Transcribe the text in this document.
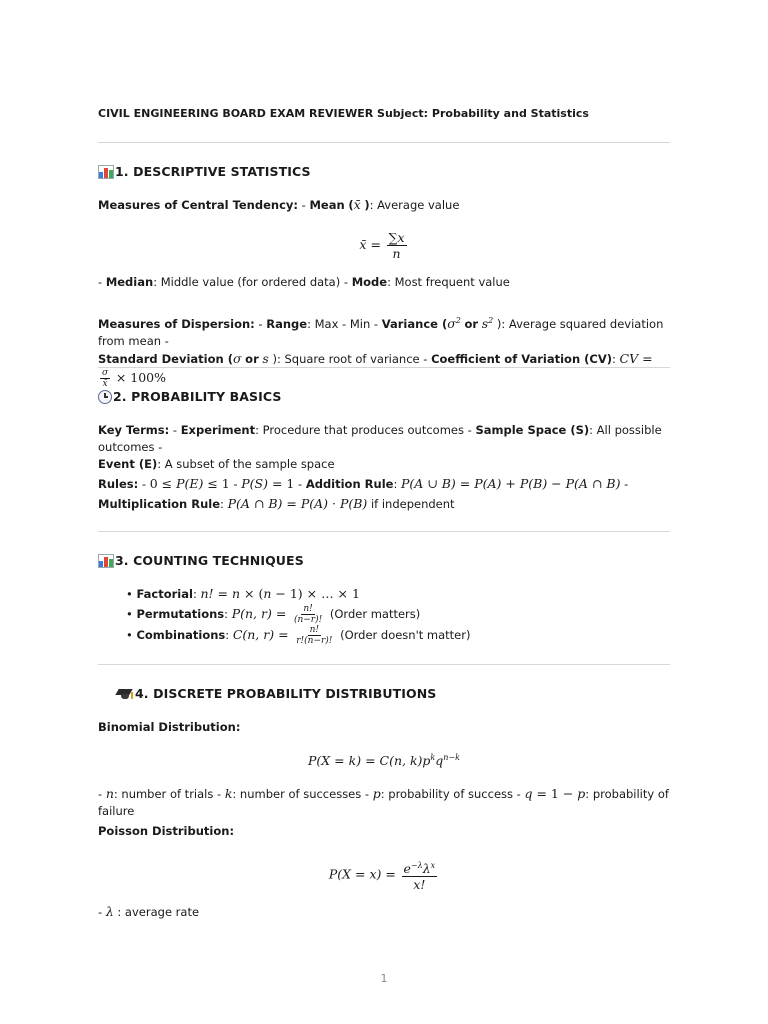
CIVIL ENGINEERING BOARD EXAM REVIEWER Subject: Probability and Statistics
1. DESCRIPTIVE STATISTICS
Measures of Central Tendency: - Mean (x̄ ): Average value
x̄ = $\frac{\sum x}{n}$
- Median: Middle value (for ordered data) - Mode: Most frequent value
Measures of Dispersion: - Range: Max - Min - Variance ($\sigma^2$ or $s^2$ ): Average squared deviation from mean -
Standard Deviation (σ or s ): Square root of variance - Coefficient of Variation (CV): CV =
$\frac{\sigma}{x̄} \times 100\%$
2. PROBABILITY BASICS
Key Terms: - Experiment: Procedure that produces outcomes - Sample Space (S): All possible outcomes -
Event (E): A subset of the sample space
Rules: - 0 ≤ P(E) ≤ 1 - P(S) = 1 - Addition Rule: P(A ∪ B) = P(A) + P(B) − P(A ∩ B) -
Multiplication Rule: P(A ∩ B) = P(A) · P(B) if independent
3. COUNTING TECHNIQUES
• Factorial: n! = n × (n − 1) × … × 1
• Permutations: P(n, $r) = \frac{n!}{(n-r)!}$ (Order matters)
• Combinations: C(n, $r) = \frac{n!}{r!(n-r)!}$ (Order doesn't matter)
4. DISCRETE PROBABILITY DISTRIBUTIONS
Binomial Distribution:
P(X = k) = C(n, $k)p^kq^{n-k}$
- n: number of trials - k: number of successes - p: probability of success - q = 1 − p: probability of failure
Poisson Distribution:
$P(X = x) = \frac{e^{-\lambda}\lambda^x}{x!}$
- λ : average rate
1
